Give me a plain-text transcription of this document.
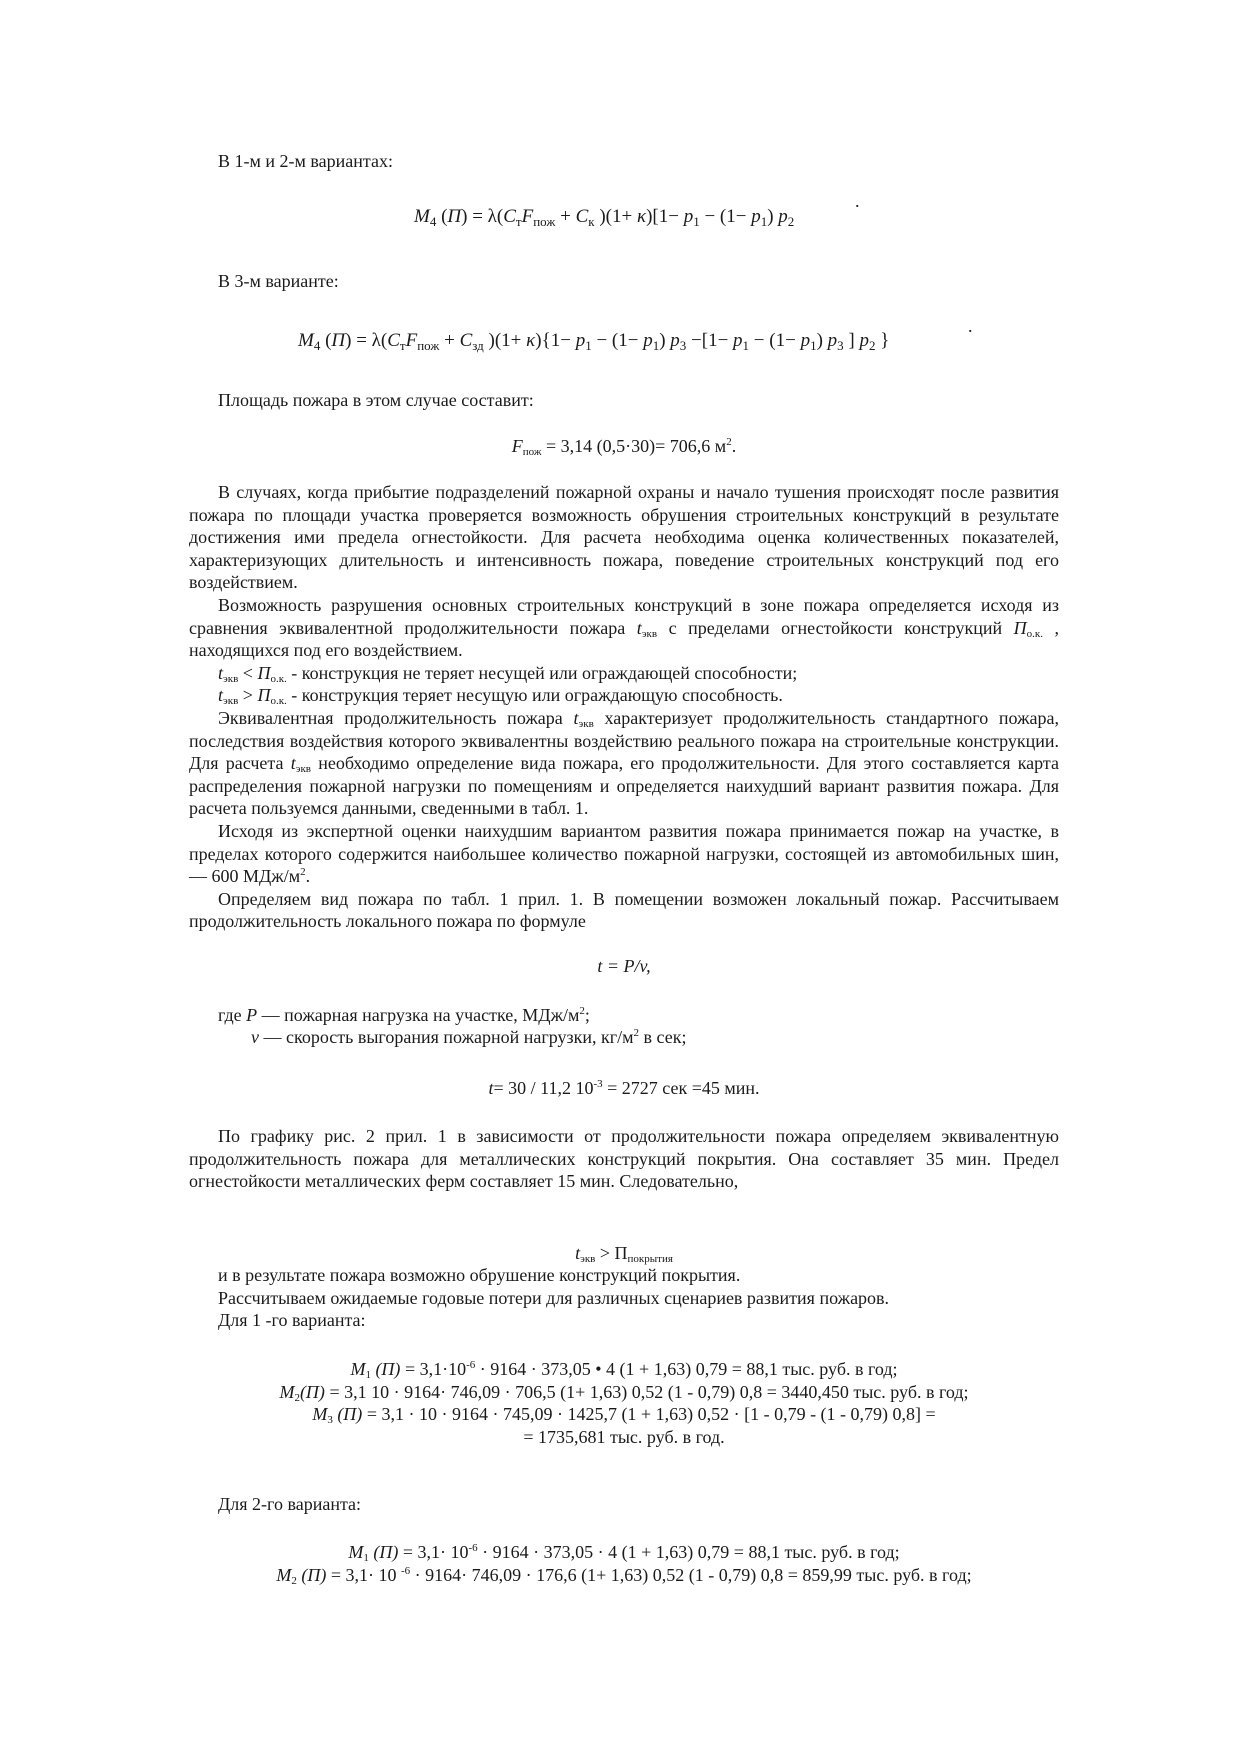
В 1-м и 2-м вариантах:

$M_4$ $(П) = \lambda(C_тF_{пож} + C_к$ )$(1+ \kappa)[1- p_1 - (1- p_1)$ $p_2$
.

В 3-м варианте:

$M_4$ $(П) = \lambda(C_тF_{пож} + C_{зд}$ )$(1+ \kappa)\{1- p_1 - (1- p_1)$ $p_3 -[1- p_1 - (1- p_1)$ $p_3$ ] $p_2$ }
.

Площадь пожара в этом случае составит:

$F_{пож} = 3,14$ (0,5·30)= 706,6 $м^2$.

В случаях, когда прибытие подразделений пожарной охраны и начало тушения происходят после развития пожара по площади участка проверяется возможность обрушения строительных конструкций в результате достижения ими предела огнестойкости. Для расчета необходима оценка количественных показателей, характеризующих длительность и интенсивность пожара, поведение строительных конструкций под его воздействием.

Возможность разрушения основных строительных конструкций в зоне пожара определяется исходя из сравнения эквивалентной продолжительности пожара $t_{экв}$ с пределами огнестойкости конструкций $П_{о.к.}$ , находящихся под его воздействием.

$t_{экв} < П_{о.к.}$ - конструкция не теряет несущей или ограждающей способности;

$t_{экв} > П_{о.к.}$ - конструкция теряет несущую или ограждающую способность.

Эквивалентная продолжительность пожара $t_{экв}$ характеризует продолжительность стандартного пожара, последствия воздействия которого эквивалентны воздействию реального пожара на строительные конструкции. Для расчета $t_{экв}$ необходимо определение вида пожара, его продолжительности. Для этого составляется карта распределения пожарной нагрузки по помещениям и определяется наихудший вариант развития пожара. Для расчета пользуемся данными, сведенными в табл. 1.

Исходя из экспертной оценки наихудшим вариантом развития пожара принимается пожар на участке, в пределах которого содержится наибольшее количество пожарной нагрузки, состоящей из автомобильных шин, — 600 МДж/$м^2$.

Определяем вид пожара по табл. 1 прил. 1. В помещении возможен локальный пожар. Рассчитываем продолжительность локального пожара по формуле

t = P/v,

где P — пожарная нагрузка на участке, МДж/$м^2$;

v — скорость выгорания пожарной нагрузки, $кг/м^2$ в сек;

t= 30 / 11,2 $10^{-3} = 2727$ сек =45 мин.

По графику рис. 2 прил. 1 в зависимости от продолжительности пожара определяем эквивалентную продолжительность пожара для металлических конструкций покрытия. Она составляет 35 мин. Предел огнестойкости металлических ферм составляет 15 мин. Следовательно,

$t_{экв} > П_{покрытия}$

и в результате пожара возможно обрушение конструкций покрытия.

Рассчитываем ожидаемые годовые потери для различных сценариев развития пожаров.

Для 1 -го варианта:

$M_1$ $(П) = 3,1\cdot 10^{-6} \cdot 9164 \cdot 373,05$ • 4 (1 + 1,63) 0,79 = 88,1 тыс. руб. в год;
$M_2(П) = 3,1$ 10 · 9164· 746,09 · 706,5 (1+ 1,63) 0,52 (1 - 0,79) 0,8 = 3440,450 тыс. руб. в год;
$M_3$ (П) = 3,1 · 10 · 9164 · 745,09 · 1425,7 (1 + 1,63) 0,52 · [1 - 0,79 - (1 - 0,79) 0,8] =
= 1735,681 тыс. руб. в год.

Для 2-го варианта:

$M_1$ $(П) = 3,1\cdot 10^{-6} \cdot 9164 \cdot 373,05 \cdot 4$ (1 + 1,63) 0,79 = 88,1 тыс. руб. в год;
$M_2$ (П) = 3,1· 10 $^{-6}$ · 9164· 746,09 · 176,6 (1+ 1,63) 0,52 (1 - 0,79) 0,8 = 859,99 тыс. руб. в год;
